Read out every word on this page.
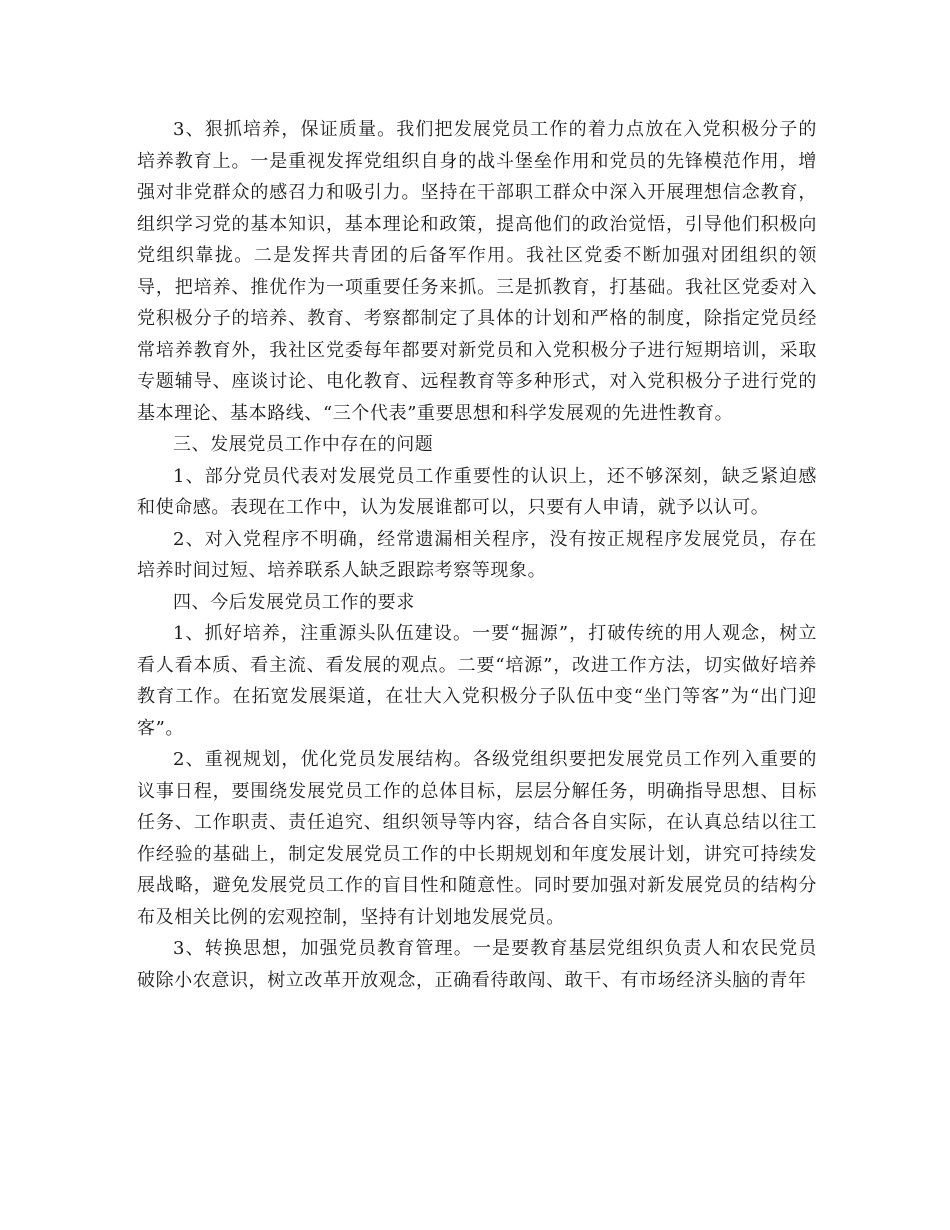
3、狠抓培养，保证质量。我们把发展党员工作的着力点放在入党积极分子的培养教育上。一是重视发挥党组织自身的战斗堡垒作用和党员的先锋模范作用，增强对非党群众的感召力和吸引力。坚持在干部职工群众中深入开展理想信念教育，组织学习党的基本知识，基本理论和政策，提高他们的政治觉悟，引导他们积极向党组织靠拢。二是发挥共青团的后备军作用。我社区党委不断加强对团组织的领导，把培养、推优作为一项重要任务来抓。三是抓教育，打基础。我社区党委对入党积极分子的培养、教育、考察都制定了具体的计划和严格的制度，除指定党员经常培养教育外，我社区党委每年都要对新党员和入党积极分子进行短期培训，采取专题辅导、座谈讨论、电化教育、远程教育等多种形式，对入党积极分子进行党的基本理论、基本路线、“三个代表”重要思想和科学发展观的先进性教育。

三、发展党员工作中存在的问题

1、部分党员代表对发展党员工作重要性的认识上，还不够深刻，缺乏紧迫感和使命感。表现在工作中，认为发展谁都可以，只要有人申请，就予以认可。

2、对入党程序不明确，经常遗漏相关程序，没有按正规程序发展党员，存在培养时间过短、培养联系人缺乏跟踪考察等现象。

四、今后发展党员工作的要求

1、抓好培养，注重源头队伍建设。一要“掘源”，打破传统的用人观念，树立看人看本质、看主流、看发展的观点。二要“培源”，改进工作方法，切实做好培养教育工作。在拓宽发展渠道，在壮大入党积极分子队伍中变“坐门等客”为“出门迎客”。

2、重视规划，优化党员发展结构。各级党组织要把发展党员工作列入重要的议事日程，要围绕发展党员工作的总体目标，层层分解任务，明确指导思想、目标任务、工作职责、责任追究、组织领导等内容，结合各自实际，在认真总结以往工作经验的基础上，制定发展党员工作的中长期规划和年度发展计划，讲究可持续发展战略，避免发展党员工作的盲目性和随意性。同时要加强对新发展党员的结构分布及相关比例的宏观控制，坚持有计划地发展党员。

3、转换思想，加强党员教育管理。一是要教育基层党组织负责人和农民党员破除小农意识，树立改革开放观念，正确看待敢闯、敢干、有市场经济头脑的青年
